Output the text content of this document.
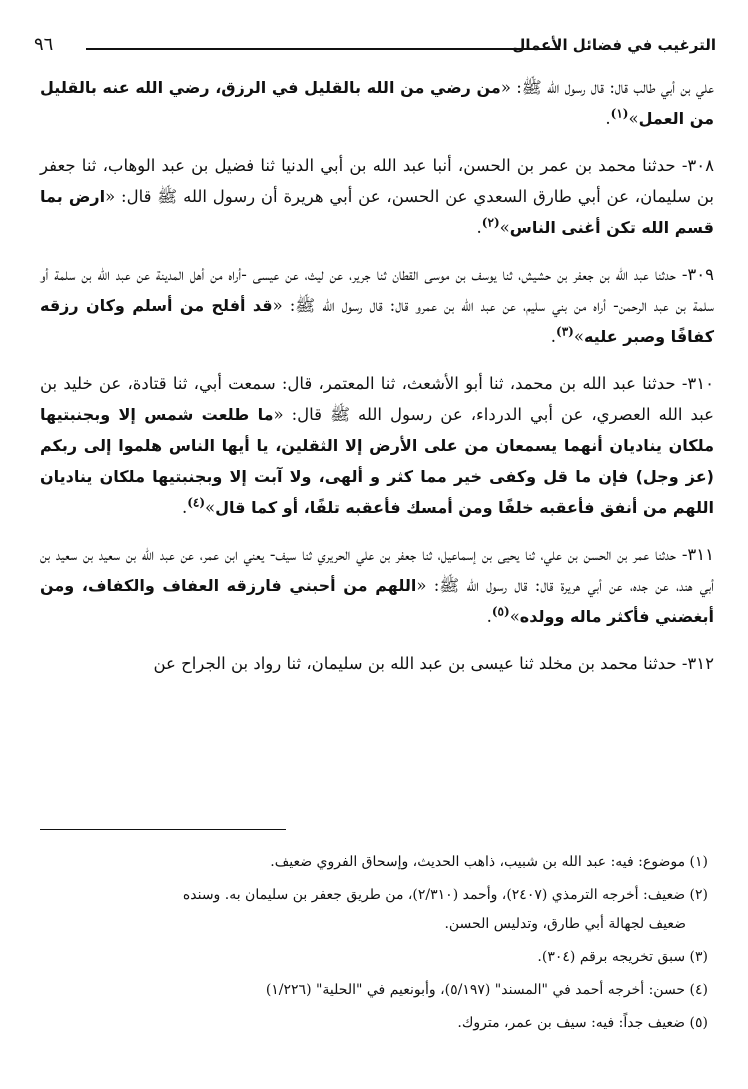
الترغيب في فضائل الأعمال
٩٦

علي بن أبي طالب قال: قال رسول الله ﷺ: «من رضي من الله بالقليل في الرزق، رضي الله عنه بالقليل من العمل»$^{(١)}$.

٣٠٨- حدثنا محمد بن عمر بن الحسن، أنبا عبد الله بن أبي الدنيا ثنا فضيل بن عبد الوهاب، ثنا جعفر بن سليمان، عن أبي طارق السعدي عن الحسن، عن أبي هريرة أن رسول الله ﷺ قال: «ارض بما قسم الله تكن أغنى الناس»$^{(٢)}$.

٣٠٩- حدثنا عبد الله بن جعفر بن حشيش، ثنا يوسف بن موسى القطان ثنا جرير، عن ليث، عن عيسى -أراه من أهل المدينة عن عبد الله بن سلمة أو سلمة بن عبد الرحمن- أراه من بني سليم، عن عبد الله بن عمرو قال: قال رسول الله ﷺ: «قد أفلح من أسلم وكان رزقه كفافًا وصبر عليه»$^{(٣)}$.

٣١٠- حدثنا عبد الله بن محمد، ثنا أبو الأشعث، ثنا المعتمر، قال: سمعت أبي، ثنا قتادة، عن خليد بن عبد الله العصري، عن أبي الدرداء، عن رسول الله ﷺ قال: «ما طلعت شمس إلا وبجنبتيها ملكان يناديان أنهما يسمعان من على الأرض إلا الثقلين، يا أيها الناس هلموا إلى ربكم (عز وجل) فإن ما قل وكفى خير مما كثر و ألهى، ولا آبت إلا وبجنبتيها ملكان يناديان اللهم من أنفق فأعقبه خلفًا ومن أمسك فأعقبه تلفًا، أو كما قال»$^{(٤)}$.

٣١١- حدثنا عمر بن الحسن بن علي، ثنا يحيى بن إسماعيل، ثنا جعفر بن علي الحريري ثنا سيف- يعني ابن عمر، عن عبد الله بن سعيد بن سعيد بن أبي هند، عن جده، عن أبي هريرة قال: قال رسول الله ﷺ: «اللهم من أحبني فارزقه العفاف والكفاف، ومن أبغضني فأكثر ماله وولده»$^{(٥)}$.

٣١٢- حدثنا محمد بن مخلد ثنا عيسى بن عبد الله بن سليمان، ثنا رواد بن الجراح عن

(١) موضوع: فيه: عبد الله بن شبيب، ذاهب الحديث، وإسحاق الفروي ضعيف.

(٢) ضعيف: أخرجه الترمذي (٢٤٠٧)، وأحمد (٢/٣١٠)، من طريق جعفر بن سليمان به. وسنده
ضعيف لجهالة أبي طارق، وتدليس الحسن.

(٣) سبق تخريجه برقم (٣٠٤).

(٤) حسن: أخرجه أحمد في "المسند" (٥/١٩٧)، وأبونعيم في "الحلية" (١/٢٢٦)

(٥) ضعيف جداً: فيه: سيف بن عمر، متروك.
